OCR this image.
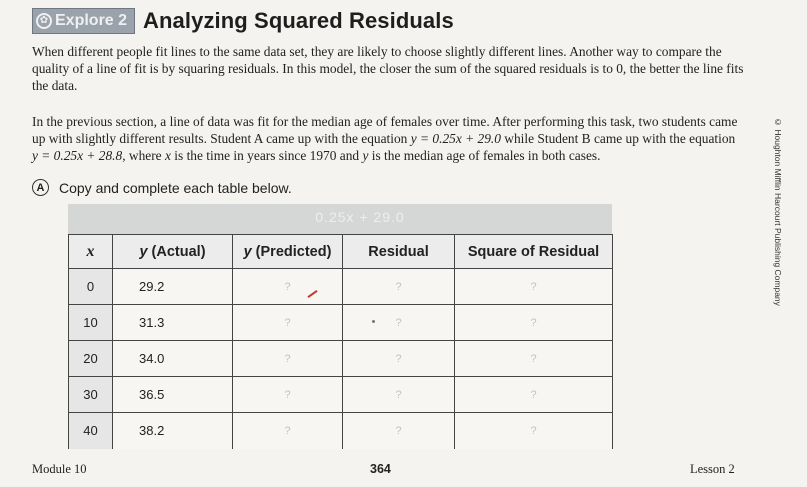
✿ Explore 2 Analyzing Squared Residuals
When different people fit lines to the same data set, they are likely to choose slightly different lines. Another way to compare the quality of a line of fit is by squaring residuals. In this model, the closer the sum of the squared residuals is to 0, the better the line fits the data.
In the previous section, a line of data was fit for the median age of females over time. After performing this task, two students came up with slightly different results. Student A came up with the equation y = 0.25x + 29.0 while Student B came up with the equation y = 0.25x + 28.8, where x is the time in years since 1970 and y is the median age of females in both cases.
A	Copy and complete each table below.
0.25x + 29.0
x	y (Actual)	y (Predicted)	Residual	Square of Residual
0	29.2	?	?	?
10	31.3	?	?	?
20	34.0	?	?	?
30	36.5	?	?	?
40	38.2	?	?	?
Module 10	364	Lesson 2
© Houghton Mifflin Harcourt Publishing Company
